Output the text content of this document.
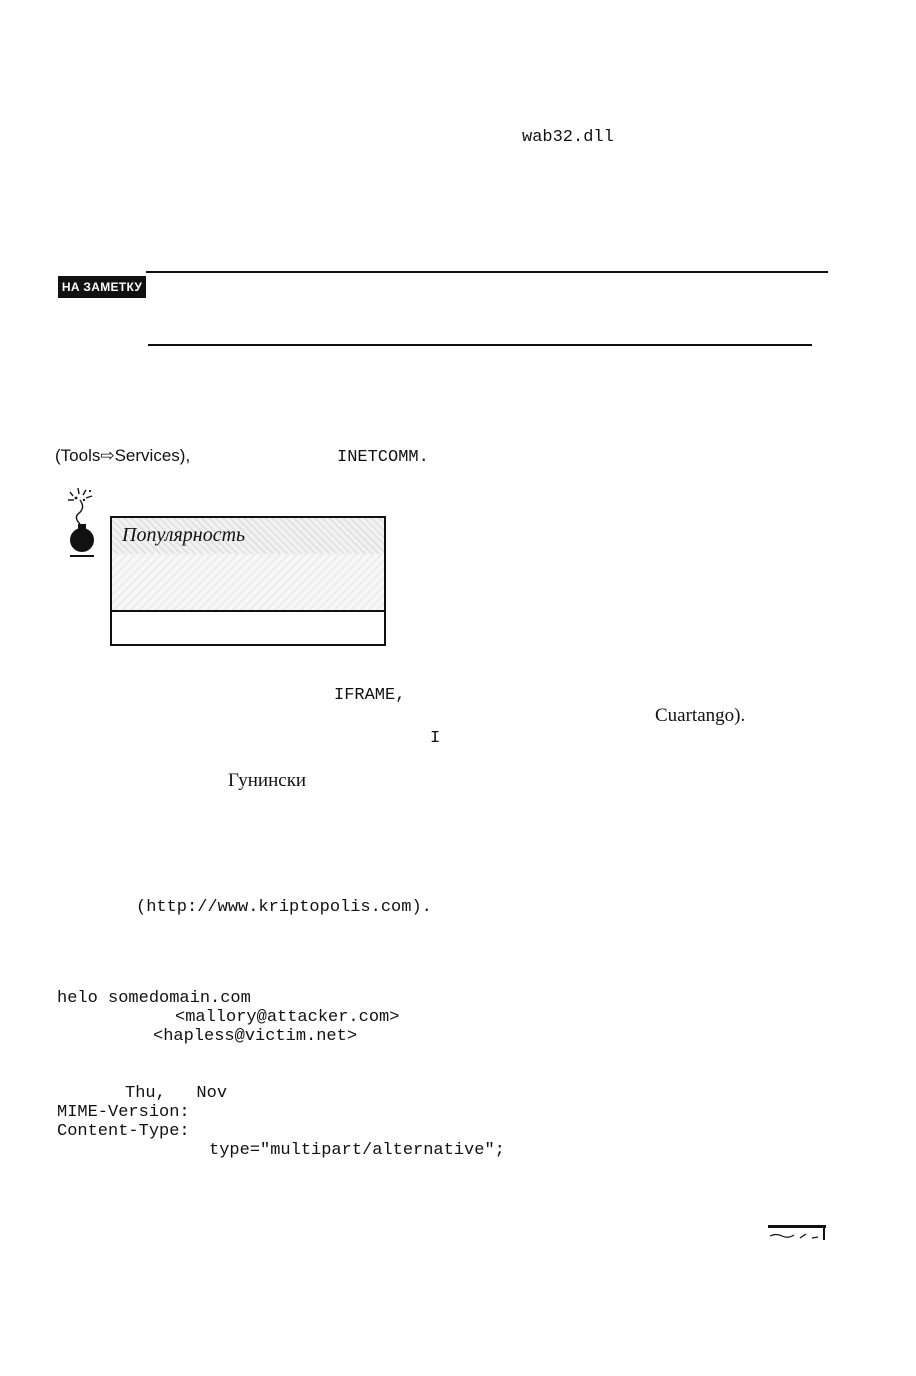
wab32.dll
НА ЗАМЕТКУ
(Tools⇨Services),	INETCOMM.
Популярность
IFRAME,
Cuartango).
I
Гунински
(http://www.kriptopolis.com).
helo somedomain.com
<mallory@attacker.com>
<hapless@victim.net>
Thu,   Nov
MIME-Version:
Content-Type:
type="multipart/alternative";
